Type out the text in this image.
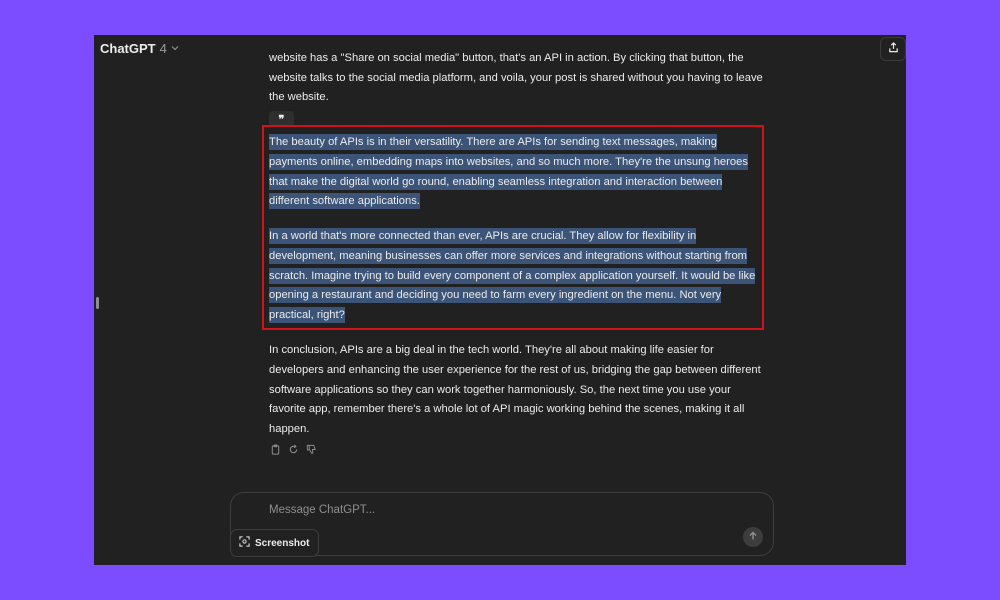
ChatGPT 4

website has a "Share on social media" button, that's an API in action. By clicking that button, the website talks to the social media platform, and voila, your post is shared without you having to leave the website.

❞
The beauty of APIs is in their versatility. There are APIs for sending text messages, making payments online, embedding maps into websites, and so much more. They're the unsung heroes that make the digital world go round, enabling seamless integration and interaction between different software applications.
In a world that's more connected than ever, APIs are crucial. They allow for flexibility in development, meaning businesses can offer more services and integrations without starting from scratch. Imagine trying to build every component of a complex application yourself. It would be like opening a restaurant and deciding you need to farm every ingredient on the menu. Not very practical, right?
In conclusion, APIs are a big deal in the tech world. They're all about making life easier for developers and enhancing the user experience for the rest of us, bridging the gap between different software applications so they can work together harmoniously. So, the next time you use your favorite app, remember there's a whole lot of API magic working behind the scenes, making it all happen.
Message ChatGPT...
Screenshot
